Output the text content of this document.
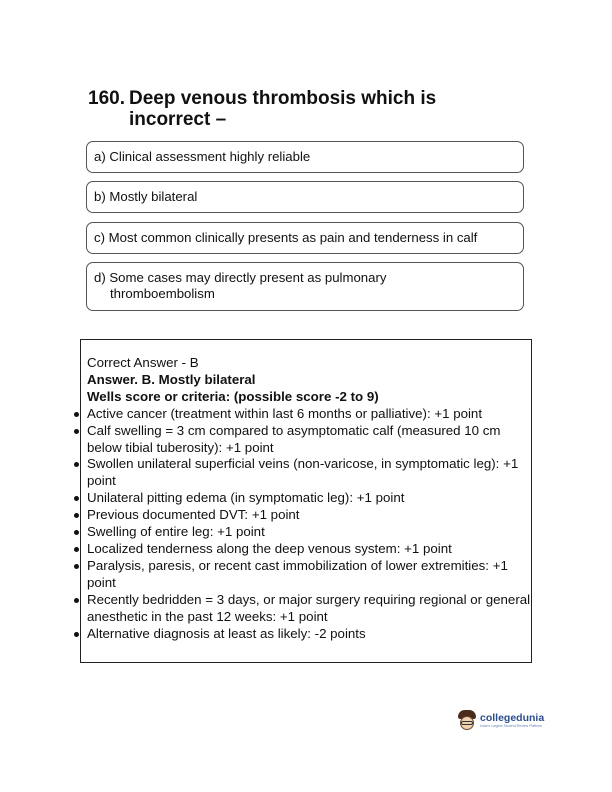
160. Deep venous thrombosis which is incorrect –
a) Clinical assessment highly reliable
b) Mostly bilateral
c) Most common clinically presents as pain and tenderness in calf
d) Some cases may directly present as pulmonary
thromboembolism
Correct Answer - B
Answer. B. Mostly bilateral
Wells score or criteria: (possible score -2 to 9)
Active cancer (treatment within last 6 months or palliative): +1 point
Calf swelling = 3 cm compared to asymptomatic calf (measured 10 cm below tibial tuberosity): +1 point
Swollen unilateral superficial veins (non-varicose, in symptomatic leg): +1 point
Unilateral pitting edema (in symptomatic leg): +1 point
Previous documented DVT: +1 point
Swelling of entire leg: +1 point
Localized tenderness along the deep venous system: +1 point
Paralysis, paresis, or recent cast immobilization of lower extremities: +1 point
Recently bedridden = 3 days, or major surgery requiring regional or general anesthetic in the past 12 weeks: +1 point
Alternative diagnosis at least as likely: -2 points
collegedunia
India's Largest Student Review Platform
